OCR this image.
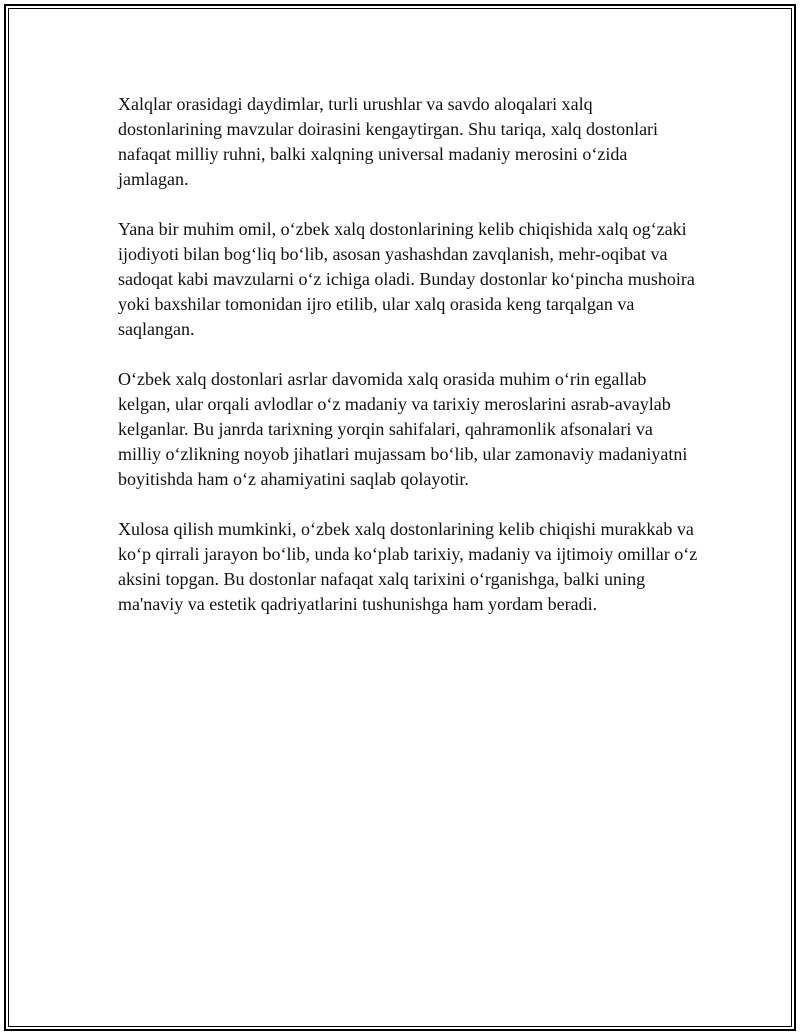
Xalqlar orasidagi daydimlar, turli urushlar va savdo aloqalari xalq dostonlarining mavzular doirasini kengaytirgan. Shu tariqa, xalq dostonlari nafaqat milliy ruhni, balki xalqning universal madaniy merosini o‘zida jamlagan.

Yana bir muhim omil, o‘zbek xalq dostonlarining kelib chiqishida xalq og‘zaki ijodiyoti bilan bog‘liq bo‘lib, asosan yashashdan zavqlanish, mehr-oqibat va sadoqat kabi mavzularni o‘z ichiga oladi. Bunday dostonlar ko‘pincha mushoira yoki baxshilar tomonidan ijro etilib, ular xalq orasida keng tarqalgan va saqlangan.

O‘zbek xalq dostonlari asrlar davomida xalq orasida muhim o‘rin egallab kelgan, ular orqali avlodlar o‘z madaniy va tarixiy meroslarini asrab-avaylab kelganlar. Bu janrda tarixning yorqin sahifalari, qahramonlik afsonalari va milliy o‘zlikning noyob jihatlari mujassam bo‘lib, ular zamonaviy madaniyatni boyitishda ham o‘z ahamiyatini saqlab qolayotir.

Xulosa qilish mumkinki, o‘zbek xalq dostonlarining kelib chiqishi murakkab va ko‘p qirrali jarayon bo‘lib, unda ko‘plab tarixiy, madaniy va ijtimoiy omillar o‘z aksini topgan. Bu dostonlar nafaqat xalq tarixini o‘rganishga, balki uning ma'naviy va estetik qadriyatlarini tushunishga ham yordam beradi.
